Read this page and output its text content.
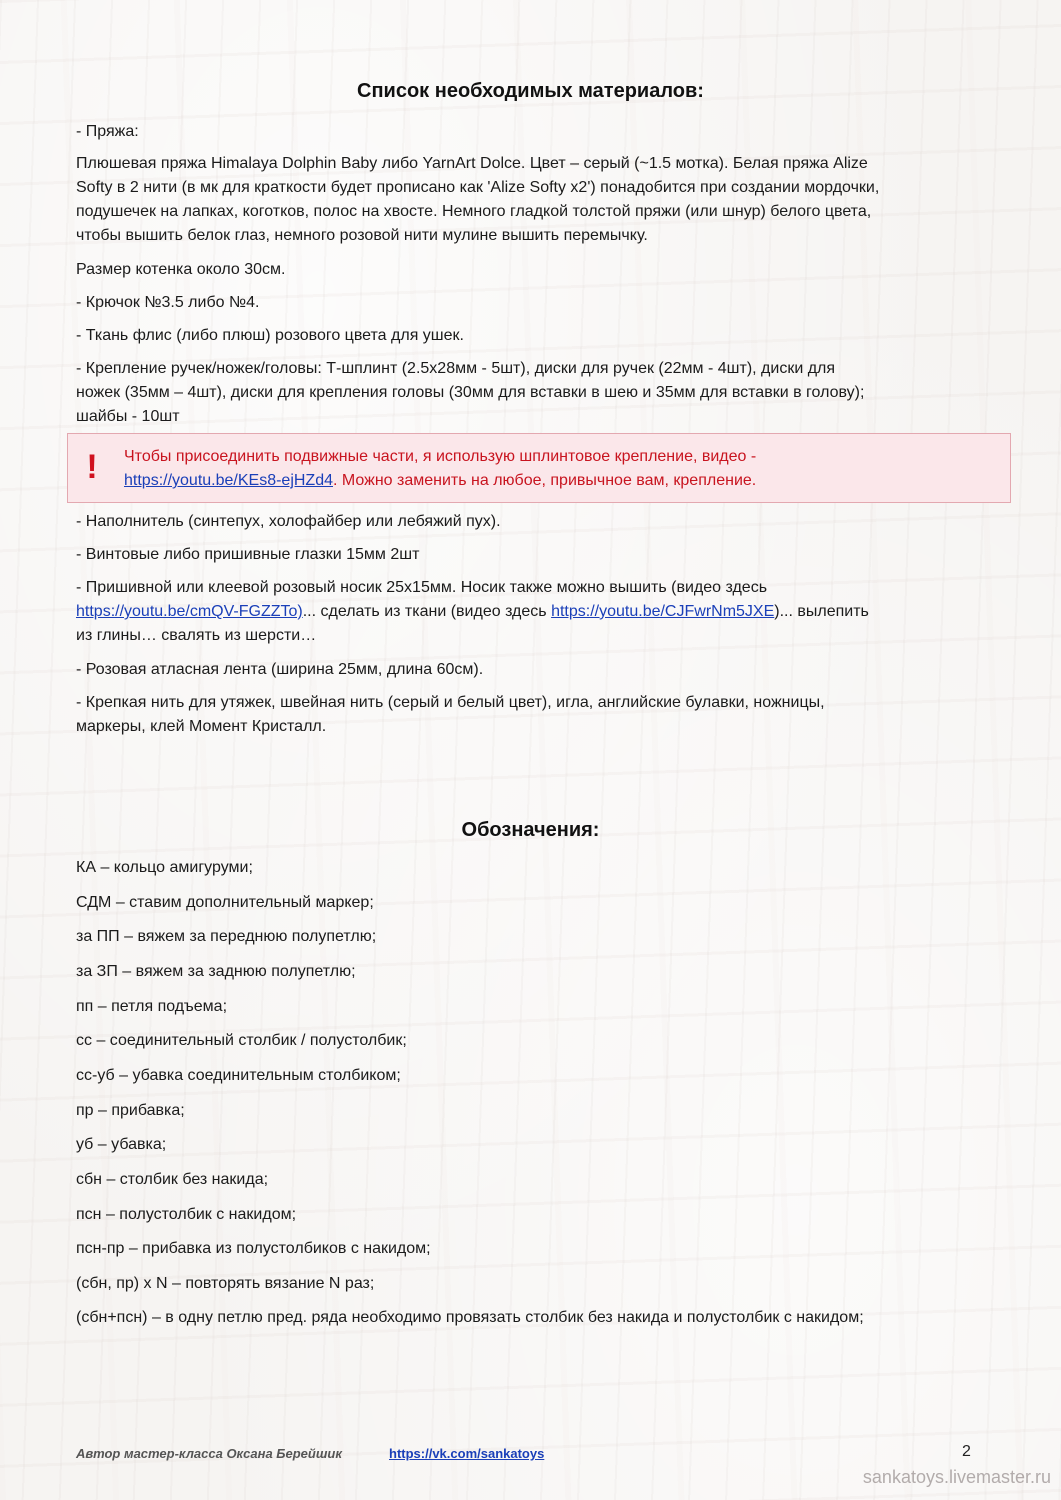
Список необходимых материалов:
- Пряжа:
Плюшевая пряжа Himalaya Dolphin Baby либо YarnArt Dolce. Цвет – серый (~1.5 мотка). Белая пряжа Alize
Softy в 2 нити (в мк для краткости будет прописано как 'Alize Softy x2') понадобится при создании мордочки,
подушечек на лапках, коготков, полос на хвосте. Немного гладкой толстой пряжи (или шнур) белого цвета,
чтобы вышить белок глаз, немного розовой нити мулине вышить перемычку.
Размер котенка около 30см.
- Крючок №3.5 либо №4.
- Ткань флис (либо плюш) розового цвета для ушек.
- Крепление ручек/ножек/головы: Т-шплинт (2.5х28мм - 5шт), диски для ручек (22мм - 4шт), диски для
ножек (35мм – 4шт), диски для крепления головы (30мм для вставки в шею и 35мм для вставки в голову);
шайбы - 10шт
! Чтобы присоединить подвижные части, я использую шплинтовое крепление, видео -
https://youtu.be/KEs8-ejHZd4. Можно заменить на любое, привычное вам, крепление.
- Наполнитель (синтепух, холофайбер или лебяжий пух).
- Винтовые либо пришивные глазки 15мм 2шт
- Пришивной или клеевой розовый носик 25х15мм. Носик также можно вышить (видео здесь
https://youtu.be/cmQV-FGZZTo)... сделать из ткани (видео здесь https://youtu.be/CJFwrNm5JXE)... вылепить
из глины… свалять из шерсти…
- Розовая атласная лента (ширина 25мм, длина 60см).
- Крепкая нить для утяжек, швейная нить (серый и белый цвет), игла, английские булавки, ножницы,
маркеры, клей Момент Кристалл.
Обозначения:
КА – кольцо амигуруми;
СДМ – ставим дополнительный маркер;
за ПП – вяжем за переднюю полупетлю;
за ЗП – вяжем за заднюю полупетлю;
пп – петля подъема;
сс – соединительный столбик / полустолбик;
сс-уб – убавка соединительным столбиком;
пр – прибавка;
уб – убавка;
сбн – столбик без накида;
псн – полустолбик с накидом;
псн-пр – прибавка из полустолбиков с накидом;
(сбн, пр) х N – повторять вязание N раз;
(сбн+псн) – в одну петлю пред. ряда необходимо провязать столбик без накида и полустолбик с накидом;
Автор мастер-класса Оксана Берейшик	https://vk.com/sankatoys	2
sankatoys.livemaster.ru
